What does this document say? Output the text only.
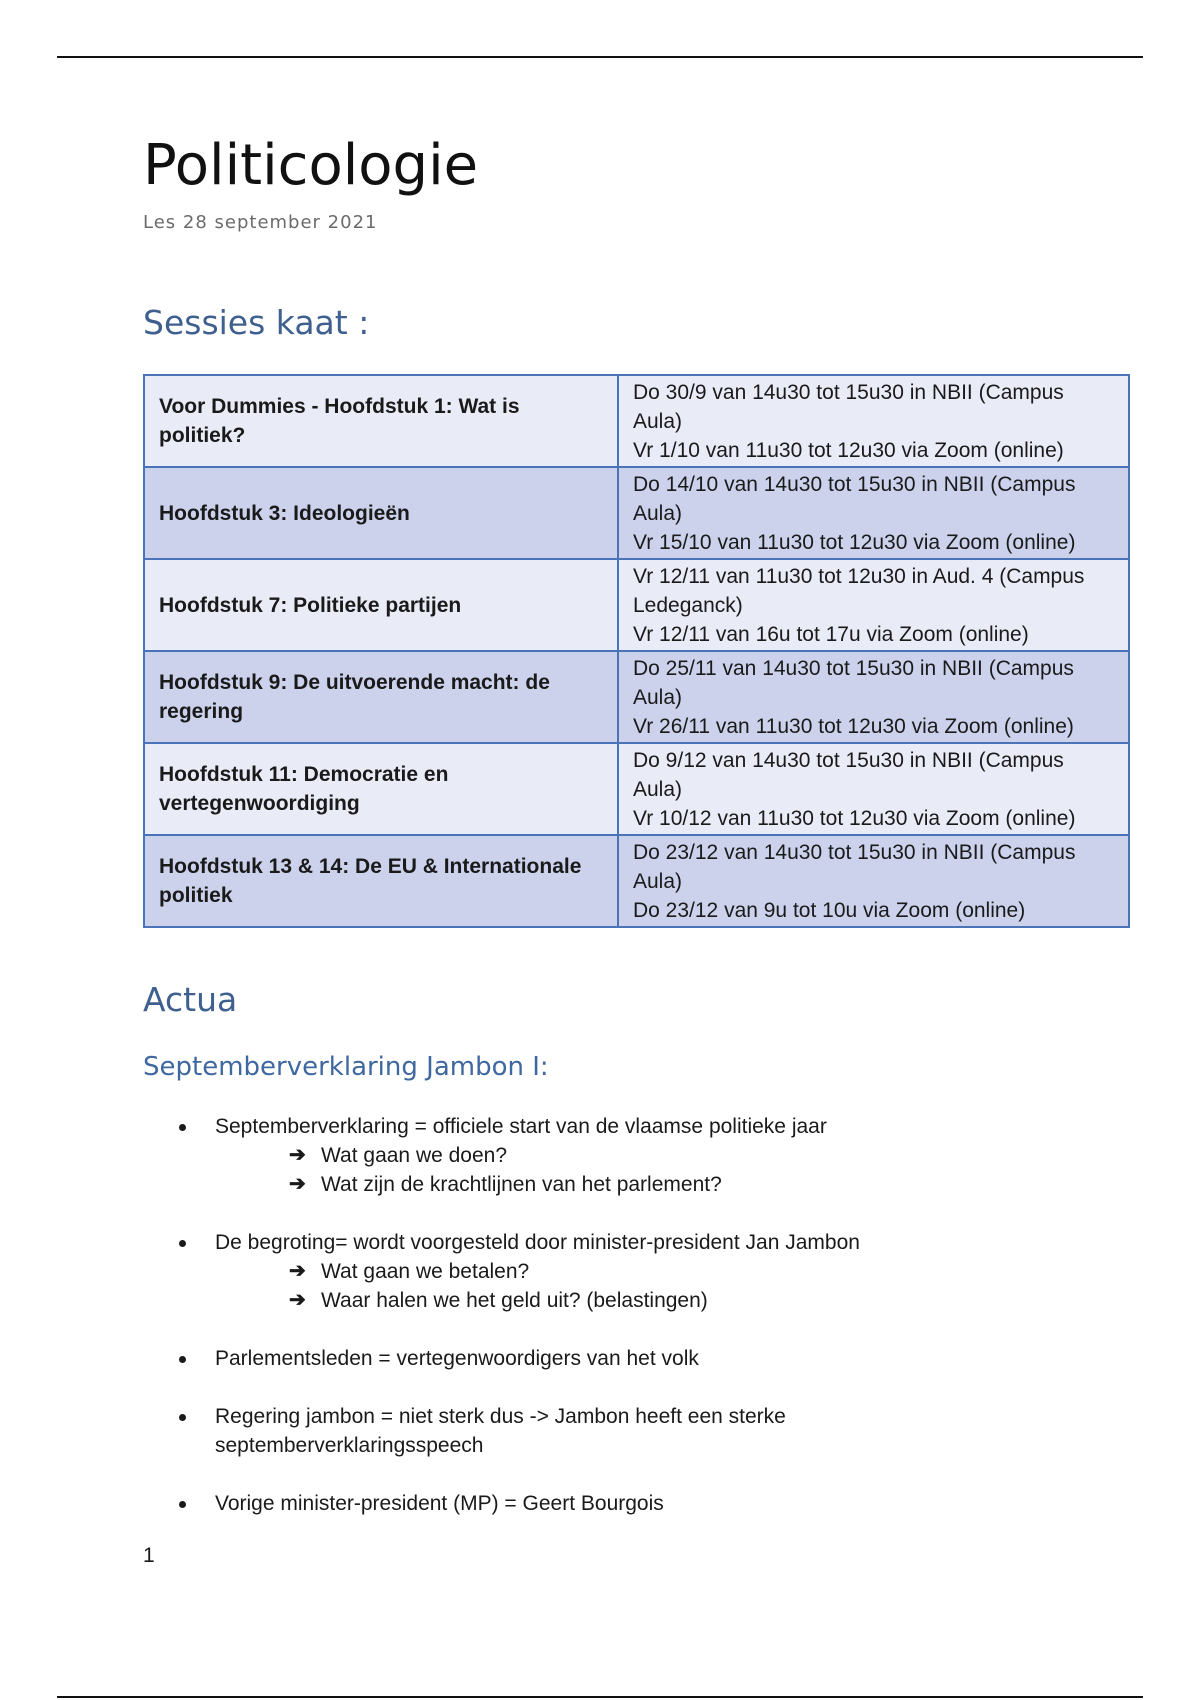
Politicologie
Les 28 september 2021
Sessies kaat :
Voor Dummies - Hoofdstuk 1: Wat is politiek?	Do 30/9 van 14u30 tot 15u30 in NBII (Campus Aula)
Vr 1/10 van 11u30 tot 12u30 via Zoom (online)

Hoofdstuk 3: Ideologieën	Do 14/10 van 14u30 tot 15u30 in NBII (Campus Aula)
Vr 15/10 van 11u30 tot 12u30 via Zoom (online)

Hoofdstuk 7: Politieke partijen	Vr 12/11 van 11u30 tot 12u30 in Aud. 4 (Campus Ledeganck)
Vr 12/11 van 16u tot 17u via Zoom (online)

Hoofdstuk 9: De uitvoerende macht: de regering	Do 25/11 van 14u30 tot 15u30 in NBII (Campus Aula)
Vr 26/11 van 11u30 tot 12u30 via Zoom (online)

Hoofdstuk 11: Democratie en vertegenwoordiging	Do 9/12 van 14u30 tot 15u30 in NBII (Campus Aula)
Vr 10/12 van 11u30 tot 12u30 via Zoom (online)

Hoofdstuk 13 & 14: De EU & Internationale politiek	Do 23/12 van 14u30 tot 15u30 in NBII (Campus Aula)
Do 23/12 van 9u tot 10u via Zoom (online)
Actua
Septemberverklaring Jambon I:
Septemberverklaring = officiele start van de vlaamse politieke jaar
➔ Wat gaan we doen?
➔ Wat zijn de krachtlijnen van het parlement?
De begroting= wordt voorgesteld door minister-president Jan Jambon
➔ Wat gaan we betalen?
➔ Waar halen we het geld uit? (belastingen)
Parlementsleden = vertegenwoordigers van het volk
Regering jambon = niet sterk dus -> Jambon heeft een sterke septemberverklaringsspeech
Vorige minister-president (MP) = Geert Bourgois
1
